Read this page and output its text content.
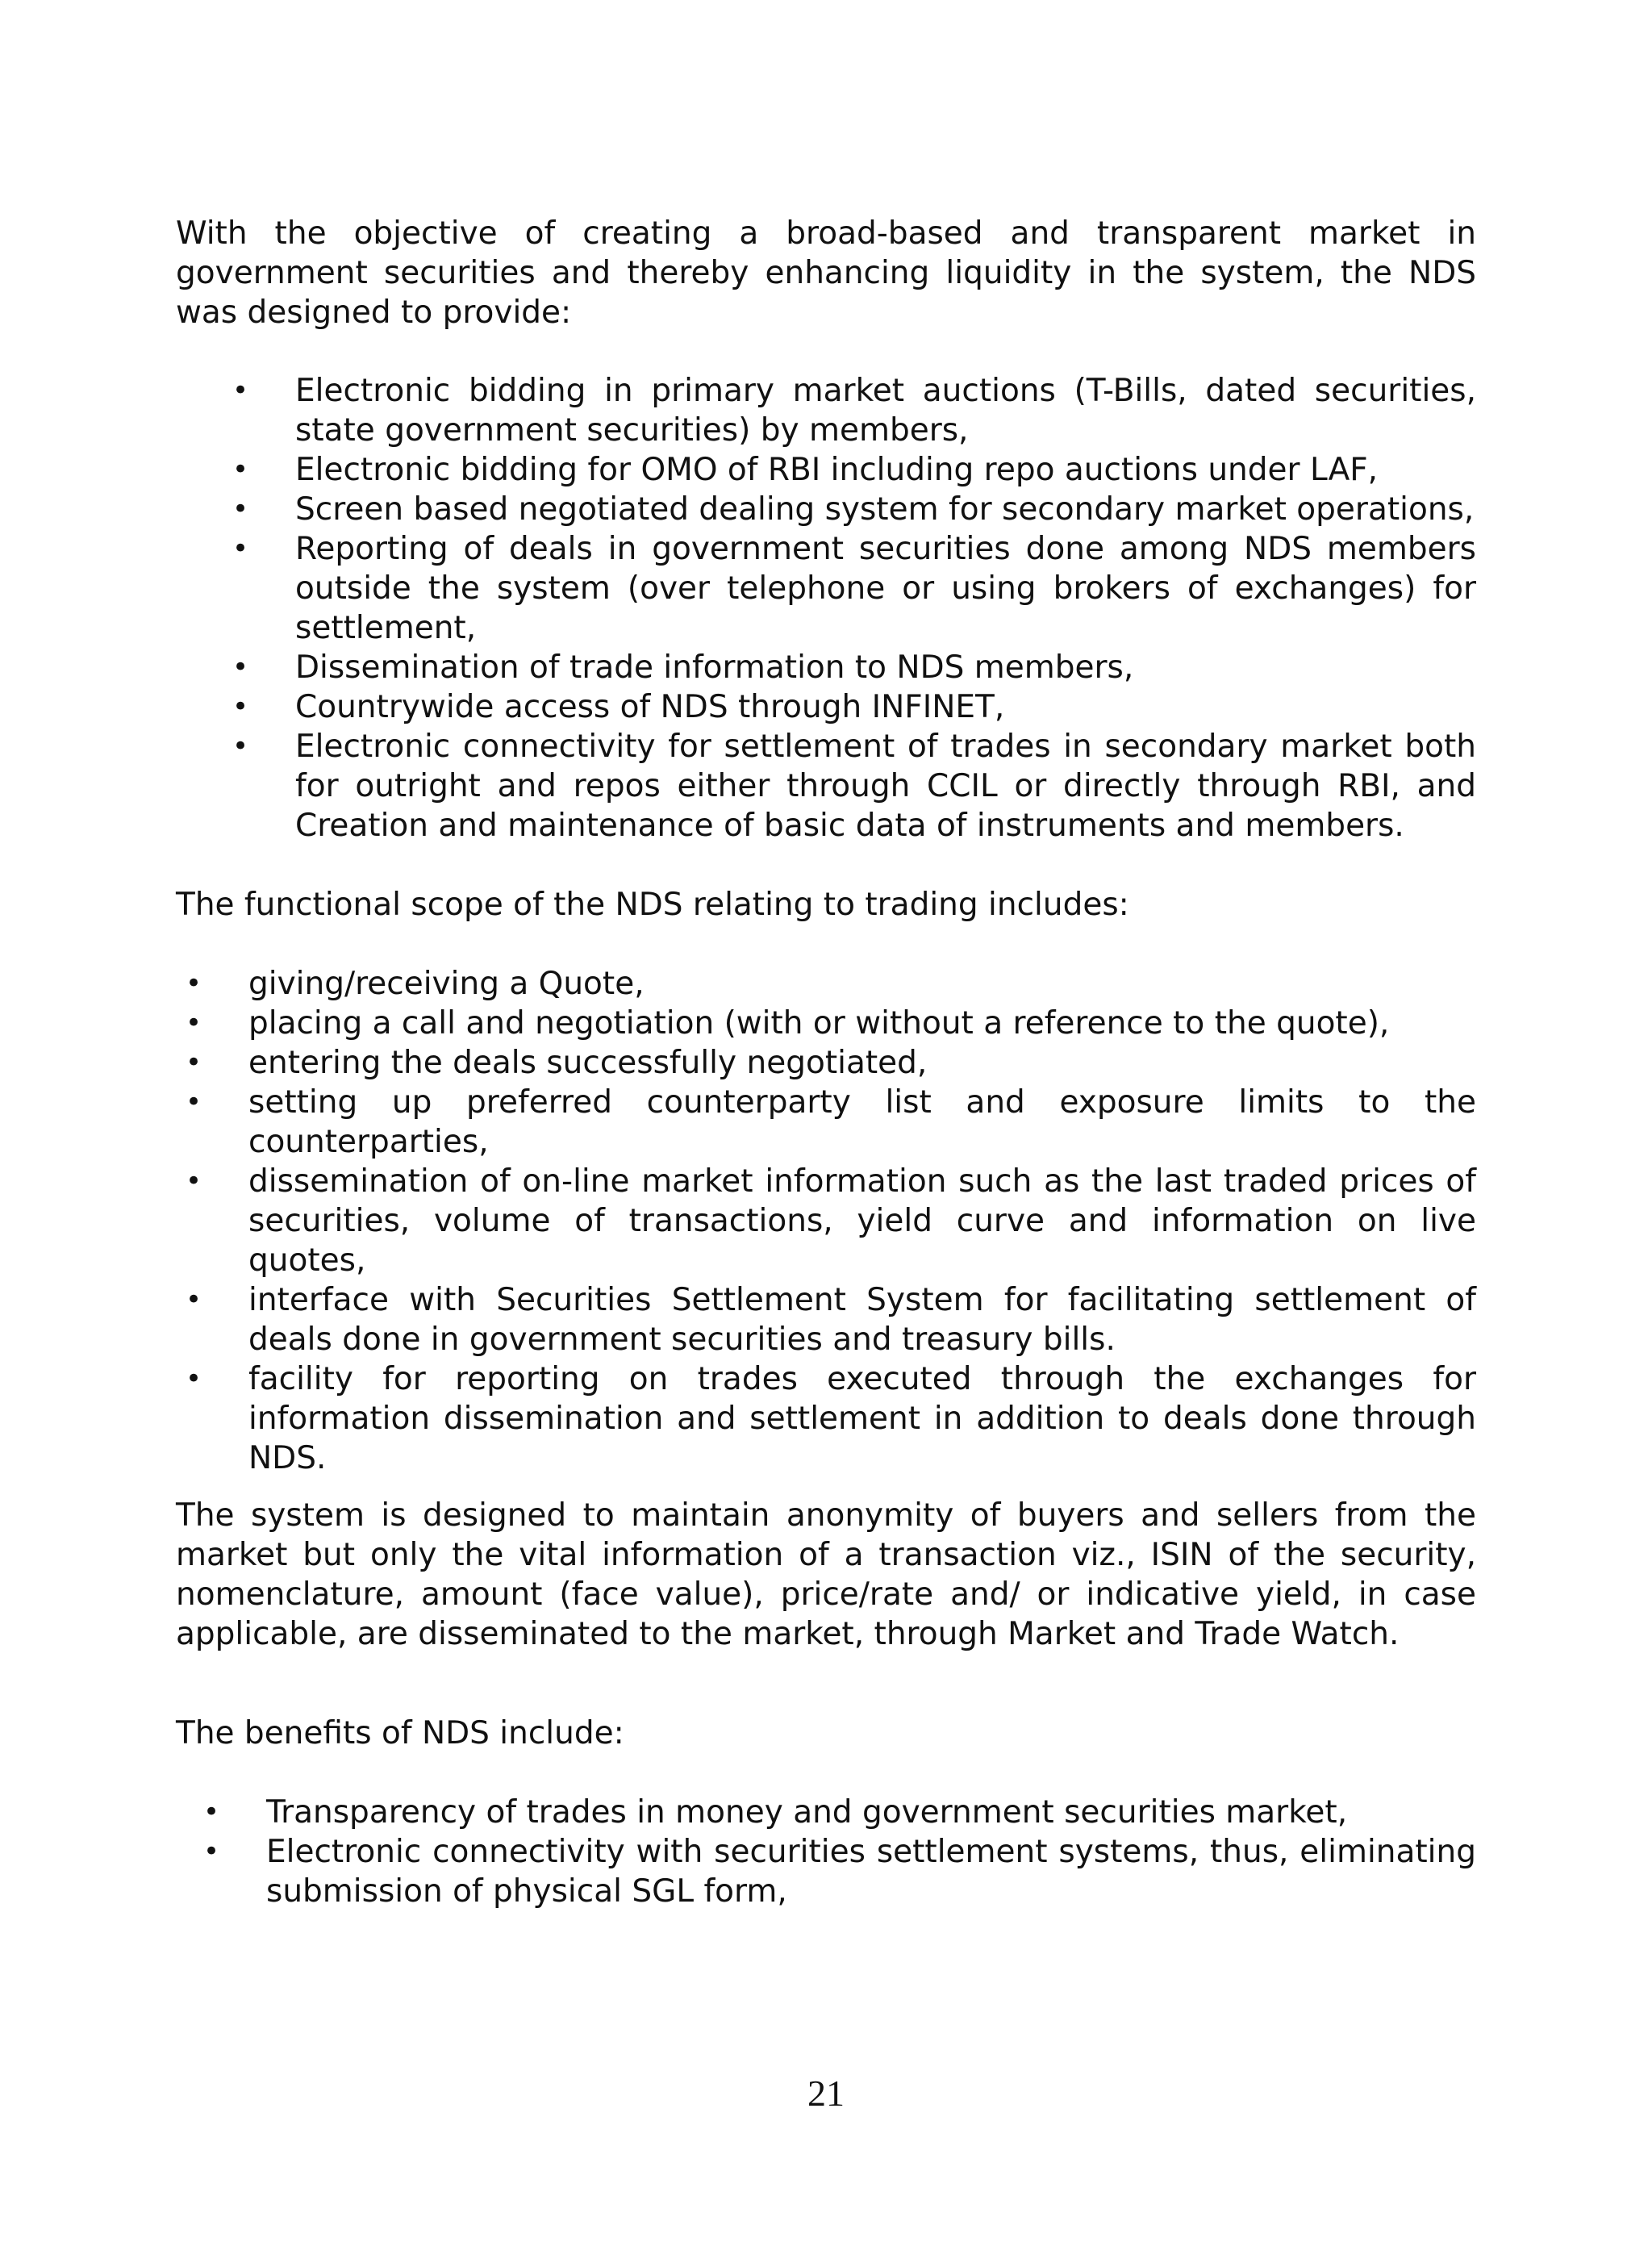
With the objective of creating a broad-based and transparent market in government securities and thereby enhancing liquidity in the system, the NDS was designed to provide:

• Electronic bidding in primary market auctions (T-Bills, dated securities, state government securities) by members,
• Electronic bidding for OMO of RBI including repo auctions under LAF,
• Screen based negotiated dealing system for secondary market operations,
• Reporting of deals in government securities done among NDS members outside the system (over telephone or using brokers of exchanges) for settlement,
• Dissemination of trade information to NDS members,
• Countrywide access of NDS through INFINET,
• Electronic connectivity for settlement of trades in secondary market both for outright and repos either through CCIL or directly through RBI, and Creation and maintenance of basic data of instruments and members.

The functional scope of the NDS relating to trading includes:

• giving/receiving a Quote,
• placing a call and negotiation (with or without a reference to the quote),
• entering the deals successfully negotiated,
• setting up preferred counterparty list and exposure limits to the counterparties,
• dissemination of on-line market information such as the last traded prices of securities, volume of transactions, yield curve and information on live quotes,
• interface with Securities Settlement System for facilitating settlement of deals done in government securities and treasury bills.
• facility for reporting on trades executed through the exchanges for information dissemination and settlement in addition to deals done through NDS.

The system is designed to maintain anonymity of buyers and sellers from the market but only the vital information of a transaction viz., ISIN of the security, nomenclature, amount (face value), price/rate and/ or indicative yield, in case applicable, are disseminated to the market, through Market and Trade Watch.

The benefits of NDS include:

• Transparency of trades in money and government securities market,
• Electronic connectivity with securities settlement systems, thus, eliminating submission of physical SGL form,
21
